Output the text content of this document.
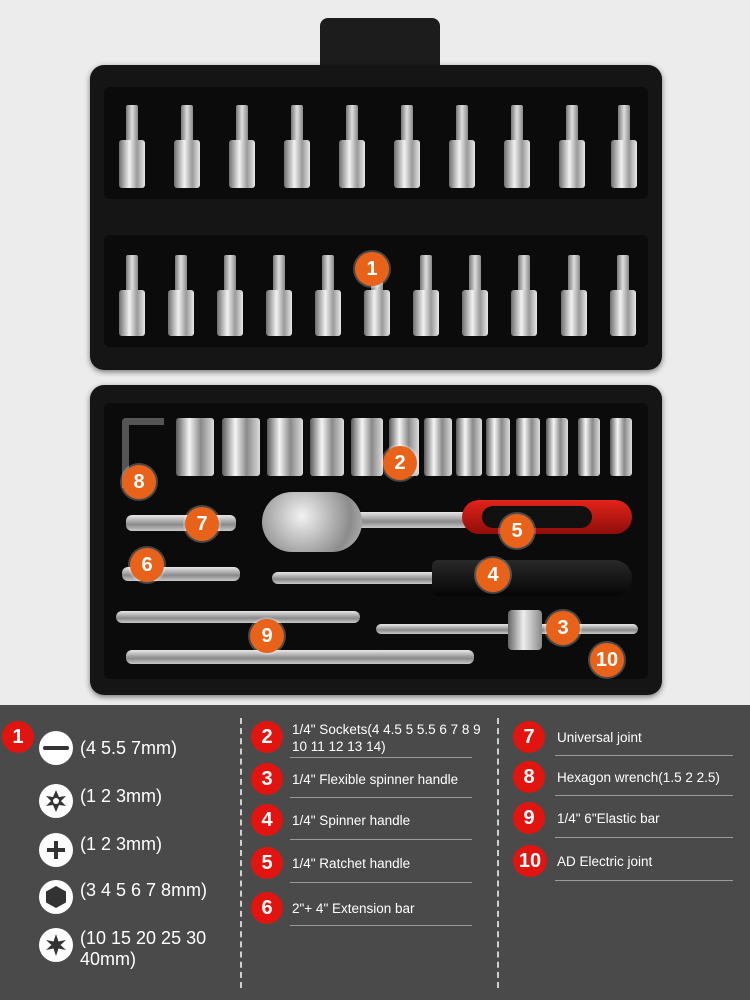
1
2
3
4
5
6
7
8
9
10
1
(4 5.5 7mm)
(1 2 3mm)
(1 2 3mm)
(3 4 5 6 7 8mm)
(10 15 20 25 30 40mm)
2	1/4" Sockets(4 4.5 5 5.5 6 7 8 9 10 11 12 13 14)
3	1/4" Flexible spinner handle
4	1/4" Spinner handle
5	1/4" Ratchet handle
6	2"+ 4" Extension bar
7	Universal joint
8	Hexagon wrench(1.5 2 2.5)
9	1/4" 6"Elastic bar
10	AD Electric joint
